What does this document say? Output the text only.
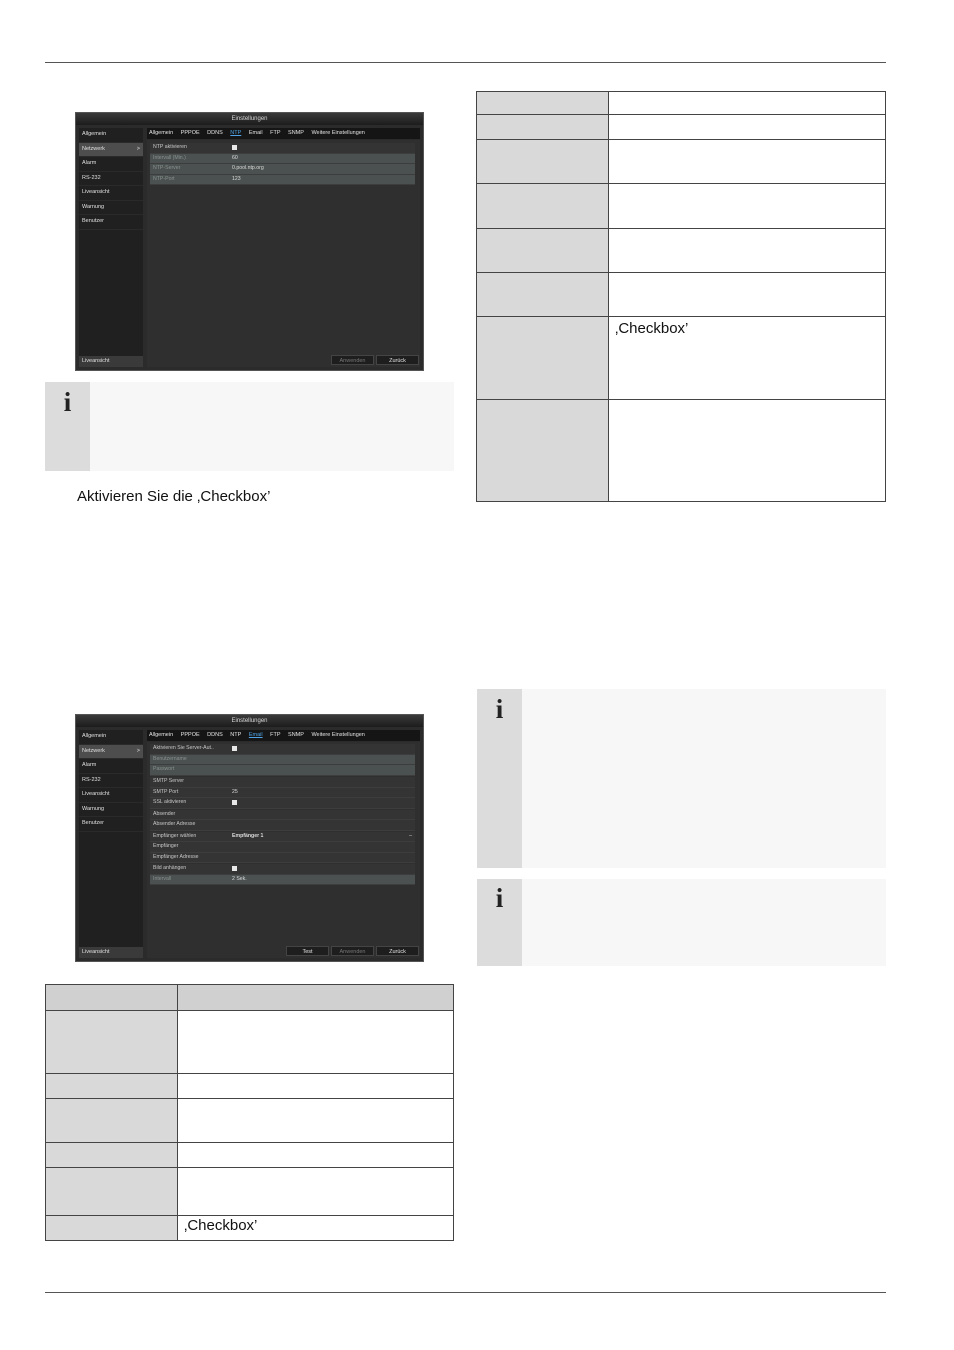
Einstellungen
Allgemein
Netzwerk >
Alarm
RS-232
Liveansicht
Warnung
Benutzer
Liveansicht
Allgemein PPPOE DDNS NTP Email FTP SNMP Weitere Einstellungen
NTP aktivieren
Intervall (Min.)	60
NTP-Server	0.pool.ntp.org
NTP-Port	123
Anwenden	Zurück
i
Aktivieren Sie die ‚Checkbox’
Einstellungen
Allgemein
Netzwerk >
Alarm
RS-232
Liveansicht
Warnung
Benutzer
Liveansicht
Allgemein PPPOE DDNS NTP Email FTP SNMP Weitere Einstellungen
Aktivieren Sie Server-Aut..
Benutzername
Passwort
SMTP Server
SMTP Port	25
SSL aktivieren
Absender
Absender Adresse
Empfänger wählen	Empfänger 1	–
Empfänger
Empfänger Adresse
Bild anhängen
Intervall	2 Sek.
Test	Anwenden	Zurück

	‚Checkbox’

	‚Checkbox’

i
i
